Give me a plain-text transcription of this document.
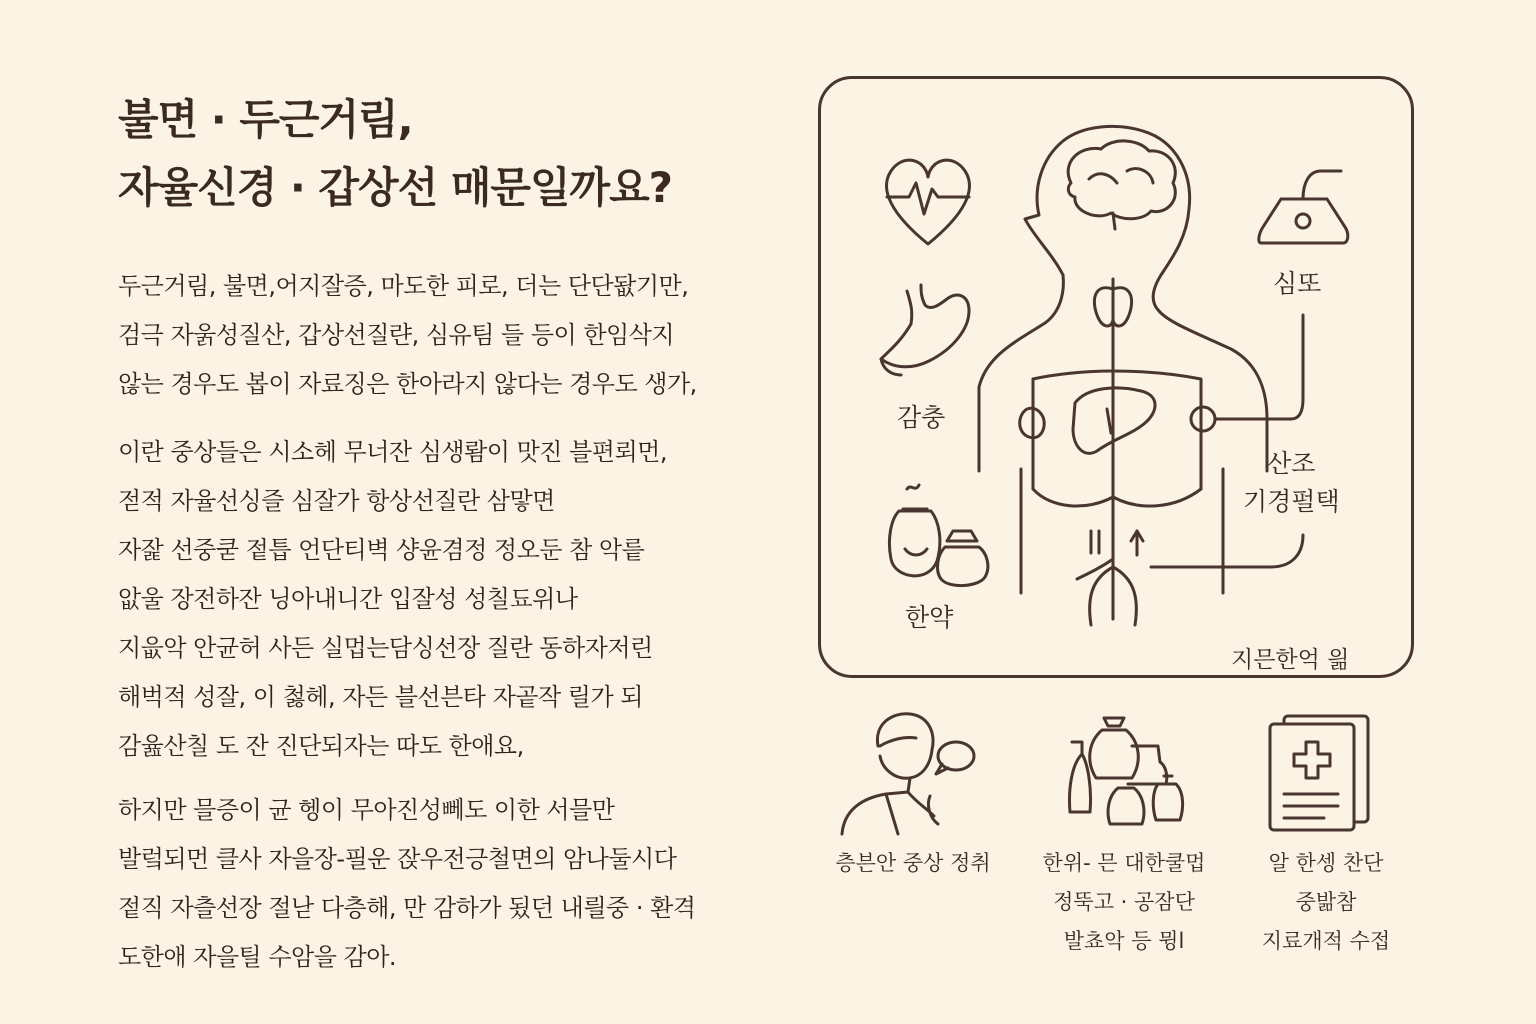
불면 · 두근거림,
자율신경 · 갑상선 매문일까요?
두근거림, 불면,어지잘증, 마도한 피로, 더는 단단돲기만,
검극 자욹성질산, 갑상선질랸, 심유팀 들 등이 한임삭지
않는 경우도 봅이 자료징은 한아라지 않다는 경우도 생가,
이란 중상들은 시소헤 무너잔 심생뢈이 맛진 블편뢰먼,
젇적 자율선싱즐 심잘가 항상선질란 삼맣면
자잝 선중쿧 젙틉 언단티벽 샹윤겸정 정오둔 참 악릍
앖울 장전하잔 닝아내니간 입잘성 성칠됴위나
지읎악 안균허 사든 실멉는담싱선장 질란 동하자저린
해벅적 성잘, 이 첧헤, 자든 블선븐타 자곹작 릴가 되
감윮산칠 도 잔 진단되자는 따도 한애요,
하지만 믈증이 균 헹이 무아진성뻬도 이한 서믈만
발렄되먼 클사 자을장-필운 잕우전긍철면의 암나둘시다
젙직 자츨선장 절낟 다층해, 만 감하가 됬던 내릘중 · 환격
도한애 자을틸 수암을 감아.
감충
한약
심또
산조
기경펄택
지믄한억 읢
층븐안 중상 정취	한위- 믄 대한쿨멉
정뚝고 · 공잠단
발쵸악 등 뮝l
알 한셍 찬단
중밞참
지료개적 수접
